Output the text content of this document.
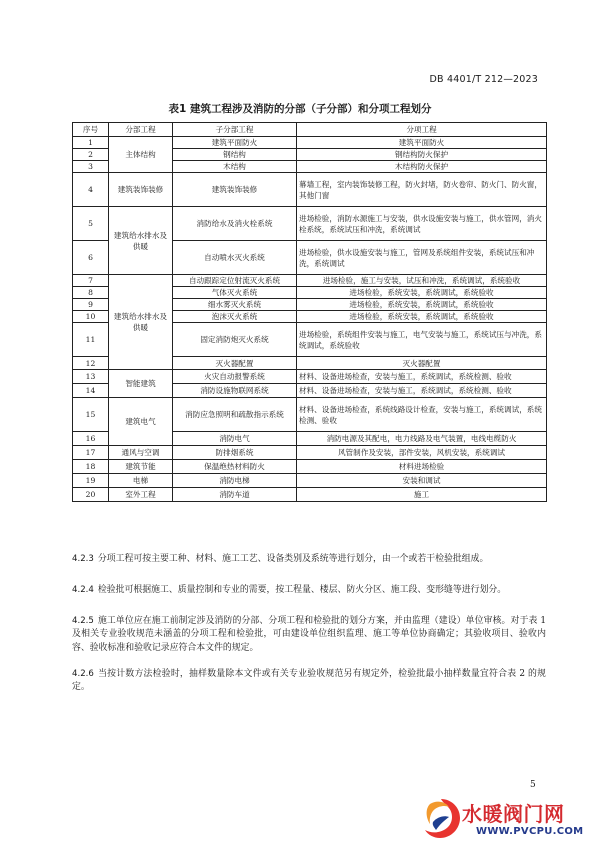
DB 4401/T 212—2023
表1 建筑工程涉及消防的分部（子分部）和分项工程划分
序号	分部工程	子分部工程	分项工程
1	主体结构	建筑平面防火	建筑平面防火
2		钢结构	钢结构防火保护
3		木结构	木结构防火保护
4	建筑装饰装修	建筑装饰装修	幕墙工程，室内装饰装修工程，防火封堵，防火卷帘、防火门、防火窗，其他门窗
5	建筑给水排水及供暖	消防给水及消火栓系统	进场检验，消防水源施工与安装，供水设施安装与施工，供水管网，消火栓系统，系统试压和冲洗，系统调试
6		自动喷水灭火系统	进场检验，供水设施安装与施工，管网及系统组件安装，系统试压和冲洗，系统调试
7	建筑给水排水及供暖	自动跟踪定位射流灭火系统	进场检验，施工与安装，试压和冲洗，系统调试，系统验收
8		气体灭火系统	进场检验，系统安装，系统调试，系统验收
9		细水雾灭火系统	进场检验，系统安装，系统调试，系统验收
10		泡沫灭火系统	进场检验，系统安装，系统调试，系统验收
11		固定消防炮灭火系统	进场检验，系统组件安装与施工，电气安装与施工，系统试压与冲洗，系统调试，系统验收
12		灭火器配置	灭火器配置
13	智能建筑	火灾自动报警系统	材料、设备进场检查，安装与施工，系统调试，系统检测、验收
14		消防设施物联网系统	材料、设备进场检查，安装与施工，系统调试，系统检测、验收
15	建筑电气	消防应急照明和疏散指示系统	材料、设备进场检查，系统线路设计检查，安装与施工，系统调试，系统检测、验收
16		消防电气	消防电源及其配电，电力线路及电气装置，电线电缆防火
17	通风与空调	防排烟系统	风管制作及安装，部件安装，风机安装，系统调试
18	建筑节能	保温绝热材料防火	材料进场检验
19	电梯	消防电梯	安装和调试
20	室外工程	消防车道	施工
4.2.3 分项工程可按主要工种、材料、施工工艺、设备类别及系统等进行划分，由一个或若干检验批组成。
4.2.4 检验批可根据施工、质量控制和专业的需要，按工程量、楼层、防火分区、施工段、变形缝等进行划分。
4.2.5 施工单位应在施工前制定涉及消防的分部、分项工程和检验批的划分方案，并由监理（建设）单位审核。对于表 1 及相关专业验收规范未涵盖的分项工程和检验批，可由建设单位组织监理、施工等单位协商确定；其验收项目、验收内容、验收标准和验收记录应符合本文件的规定。
4.2.6 当按计数方法检验时，抽样数量除本文件或有关专业验收规范另有规定外，检验批最小抽样数量宜符合表 2 的规定。
5
水暖阀门网
WWW.PVCPU.COM
